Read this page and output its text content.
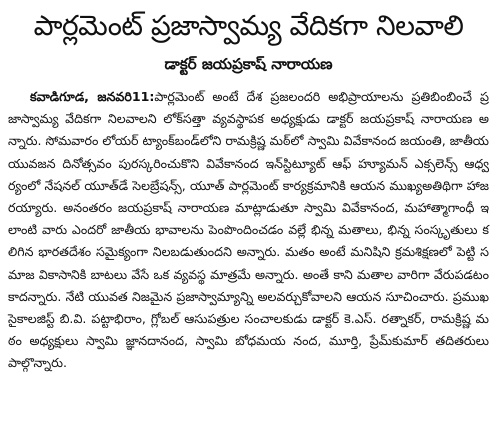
పార్లమెంట్ ప్రజాస్వామ్య వేదికగా నిలవాలి
డాక్టర్ జయప్రకాష్ నారాయణ

కవాడిగూడ, జనవరి11:పార్లమెంట్ అంటే దేశ ప్రజలందరి అభిప్రాయాలను ప్రతిబింబించే ప్రజాస్వామ్య వేదికగా నిలవాలని లోక్‌సత్తా వ్యవస్థాపక అధ్యక్షుడు డాక్టర్ జయప్రకాష్ నారాయణ అన్నారు. సోమవారం లోయర్ ట్యాంక్‌బండ్‌లోని రామక్రిష్ణ మఠ్‌లో స్వామి వివేకానంద జయంతి, జాతీయ యువజన దినోత్సవం పురస్కరించుకొని వివేకానంద ఇన్‌స్టిట్యూట్ ఆఫ్ హ్యూమన్ ఎక్సలెన్స్ ఆధ్వర్యంలో నేషనల్ యూత్‌డే సెలబ్రేషన్స్, యూత్ పార్లమెంట్ కార్యక్రమానికి ఆయన ముఖ్యఅతిథిగా హాజరయ్యారు. అనంతరం జయప్రకాష్ నారాయణ మాట్లాడుతూ స్వామి వివేకానంద, మహాత్మాగాంధీ ఇలాంటి వారు ఎందరో జాతీయ భావాలను పెంపొందించడం వల్లే భిన్న మతాలు, భిన్న సంస్కృతులు కలిగిన భారతదేశం సమైక్యంగా నిలబడుతుందని అన్నారు. మతం అంటే మనిషిని క్రమశిక్షణలో పెట్టి సమాజ వికాసానికి బాటలు వేసే ఒక వ్యవస్థ మాత్రమే అన్నారు. అంతే కాని మతాల వారిగా వేరుపడటం కాదన్నారు. నేటి యువత నిజమైన ప్రజాస్వామ్యాన్ని అలవర్చుకోవాలని ఆయన సూచించారు. ప్రముఖ సైకాలజిస్ట్ బి.వి. పట్టాభిరాం, గ్లోబల్ ఆసుపత్రుల సంచాలకుడు డాక్టర్ కె.ఎస్. రత్నాకర్, రామక్రిష్ణ మఠం అధ్యక్షులు స్వామి జ్ఞానదానంద, స్వామి బోధమయ నంద, మూర్తి, ప్రేమ్‌కుమార్ తదితరులు పాల్గొన్నారు.
